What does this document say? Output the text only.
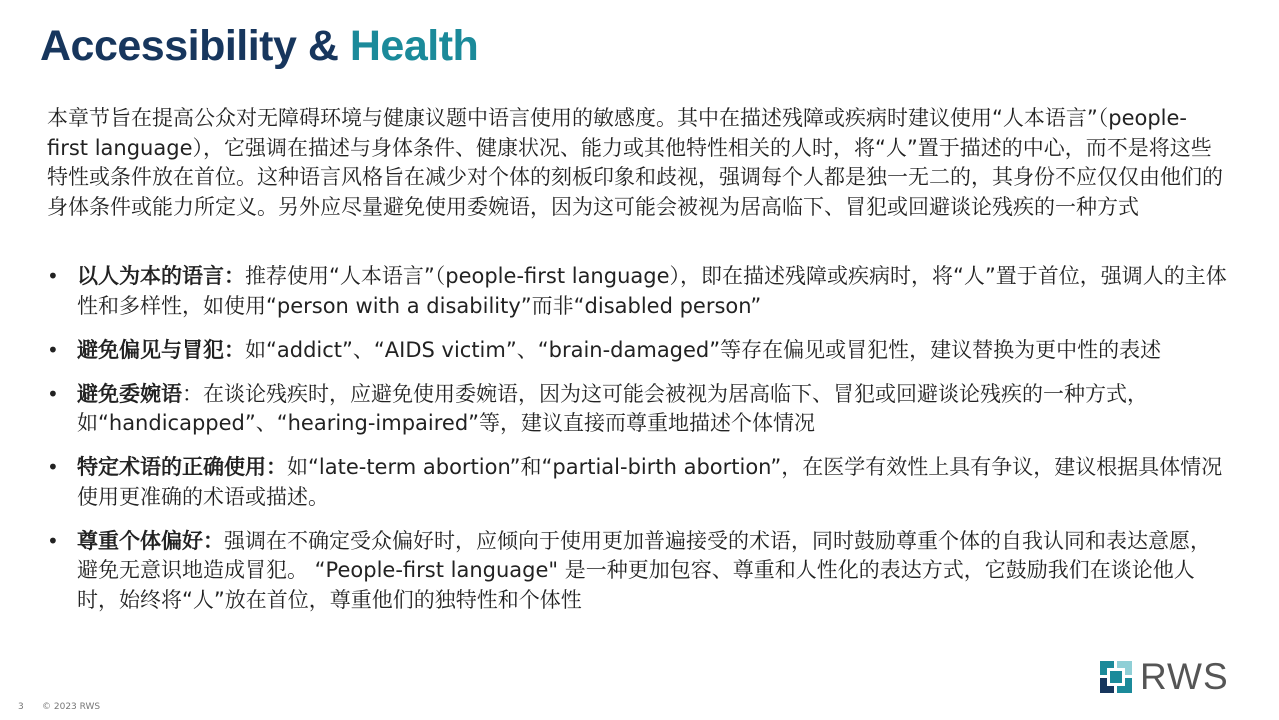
Accessibility & Health

本章节旨在提高公众对无障碍环境与健康议题中语言使用的敏感度。其中在描述残障或疾病时建议使用“人本语言”（people-first language），它强调在描述与身体条件、健康状况、能力或其他特性相关的人时，将“人”置于描述的中心，而不是将这些特性或条件放在首位。这种语言风格旨在减少对个体的刻板印象和歧视，强调每个人都是独一无二的，其身份不应仅仅由他们的身体条件或能力所定义。另外应尽量避免使用委婉语，因为这可能会被视为居高临下、冒犯或回避谈论残疾的一种方式

• 以人为本的语言：推荐使用“人本语言”（people-first language），即在描述残障或疾病时，将“人”置于首位，强调人的主体性和多样性，如使用“person with a disability”而非“disabled person”
• 避免偏见与冒犯：如“addict”、“AIDS victim”、“brain-damaged”等存在偏见或冒犯性，建议替换为更中性的表述
• 避免委婉语：在谈论残疾时，应避免使用委婉语，因为这可能会被视为居高临下、冒犯或回避谈论残疾的一种方式，如“handicapped”、“hearing-impaired”等，建议直接而尊重地描述个体情况
• 特定术语的正确使用：如“late-term abortion”和“partial-birth abortion”，在医学有效性上具有争议，建议根据具体情况使用更准确的术语或描述。
• 尊重个体偏好：强调在不确定受众偏好时，应倾向于使用更加普遍接受的术语，同时鼓励尊重个体的自我认同和表达意愿，避免无意识地造成冒犯。 “People-first language" 是一种更加包容、尊重和人性化的表达方式，它鼓励我们在谈论他人时，始终将“人”放在首位，尊重他们的独特性和个体性
3 © 2023 RWS
RWS
